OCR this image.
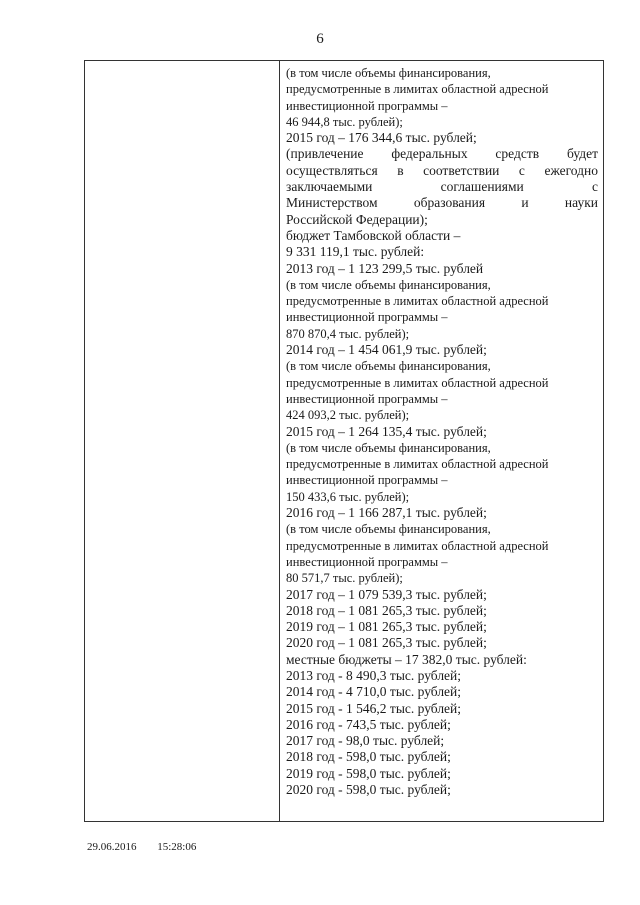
6
(в том числе объемы финансирования,
предусмотренные в лимитах областной адресной
инвестиционной программы –
46 944,8 тыс. рублей);
2015 год – 176 344,6 тыс. рублей;
(привлечение федеральных средств будет
осуществляться в соответствии с ежегодно
заключаемыми соглашениями с
Министерством образования и науки
Российской Федерации);
бюджет Тамбовской области –
9 331 119,1 тыс. рублей:
2013 год – 1 123 299,5 тыс. рублей
(в том числе объемы финансирования,
предусмотренные в лимитах областной адресной
инвестиционной программы –
870 870,4 тыс. рублей);
2014 год – 1 454 061,9 тыс. рублей;
(в том числе объемы финансирования,
предусмотренные в лимитах областной адресной
инвестиционной программы –
424 093,2 тыс. рублей);
2015 год – 1 264 135,4 тыс. рублей;
(в том числе объемы финансирования,
предусмотренные в лимитах областной адресной
инвестиционной программы –
150 433,6 тыс. рублей);
2016 год – 1 166 287,1 тыс. рублей;
(в том числе объемы финансирования,
предусмотренные в лимитах областной адресной
инвестиционной программы –
80 571,7 тыс. рублей);
2017 год – 1 079 539,3 тыс. рублей;
2018 год – 1 081 265,3 тыс. рублей;
2019 год – 1 081 265,3 тыс. рублей;
2020 год – 1 081 265,3 тыс. рублей;
местные бюджеты – 17 382,0 тыс. рублей:
2013 год - 8 490,3 тыс. рублей;
2014 год - 4 710,0 тыс. рублей;
2015 год - 1 546,2 тыс. рублей;
2016 год - 743,5 тыс. рублей;
2017 год - 98,0 тыс. рублей;
2018 год - 598,0 тыс. рублей;
2019 год - 598,0 тыс. рублей;
2020 год - 598,0 тыс. рублей;
29.06.2016 15:28:06
